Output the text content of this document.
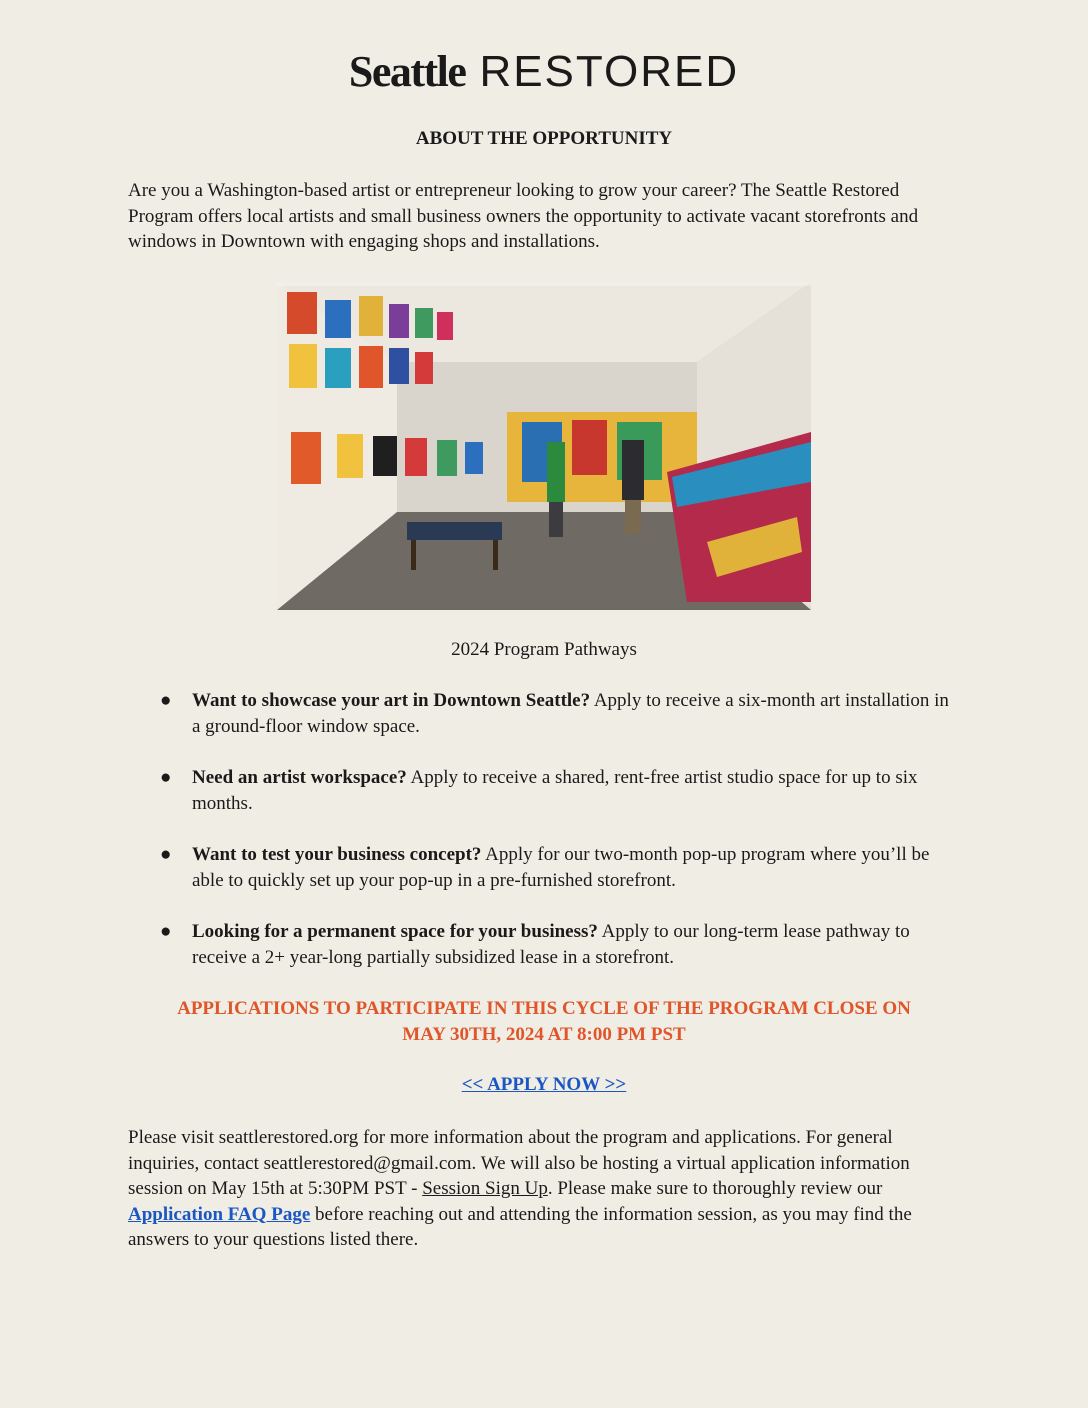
Seattle RESTORED
ABOUT THE OPPORTUNITY
Are you a Washington-based artist or entrepreneur looking to grow your career? The Seattle Restored Program offers local artists and small business owners the opportunity to activate vacant storefronts and windows in Downtown with engaging shops and installations.
2024 Program Pathways
● Want to showcase your art in Downtown Seattle? Apply to receive a six-month art installation in a ground-floor window space.
● Need an artist workspace? Apply to receive a shared, rent-free artist studio space for up to six months.
● Want to test your business concept? Apply for our two-month pop-up program where you’ll be able to quickly set up your pop-up in a pre-furnished storefront.
● Looking for a permanent space for your business? Apply to our long-term lease pathway to receive a 2+ year-long partially subsidized lease in a storefront.
APPLICATIONS TO PARTICIPATE IN THIS CYCLE OF THE PROGRAM CLOSE ON
MAY 30TH, 2024 AT 8:00 PM PST
<< APPLY NOW >>
Please visit seattlerestored.org for more information about the program and applications. For general inquiries, contact seattlerestored@gmail.com. We will also be hosting a virtual application information session on May 15th at 5:30PM PST - Session Sign Up. Please make sure to thoroughly review our Application FAQ Page before reaching out and attending the information session, as you may find the answers to your questions listed there.
